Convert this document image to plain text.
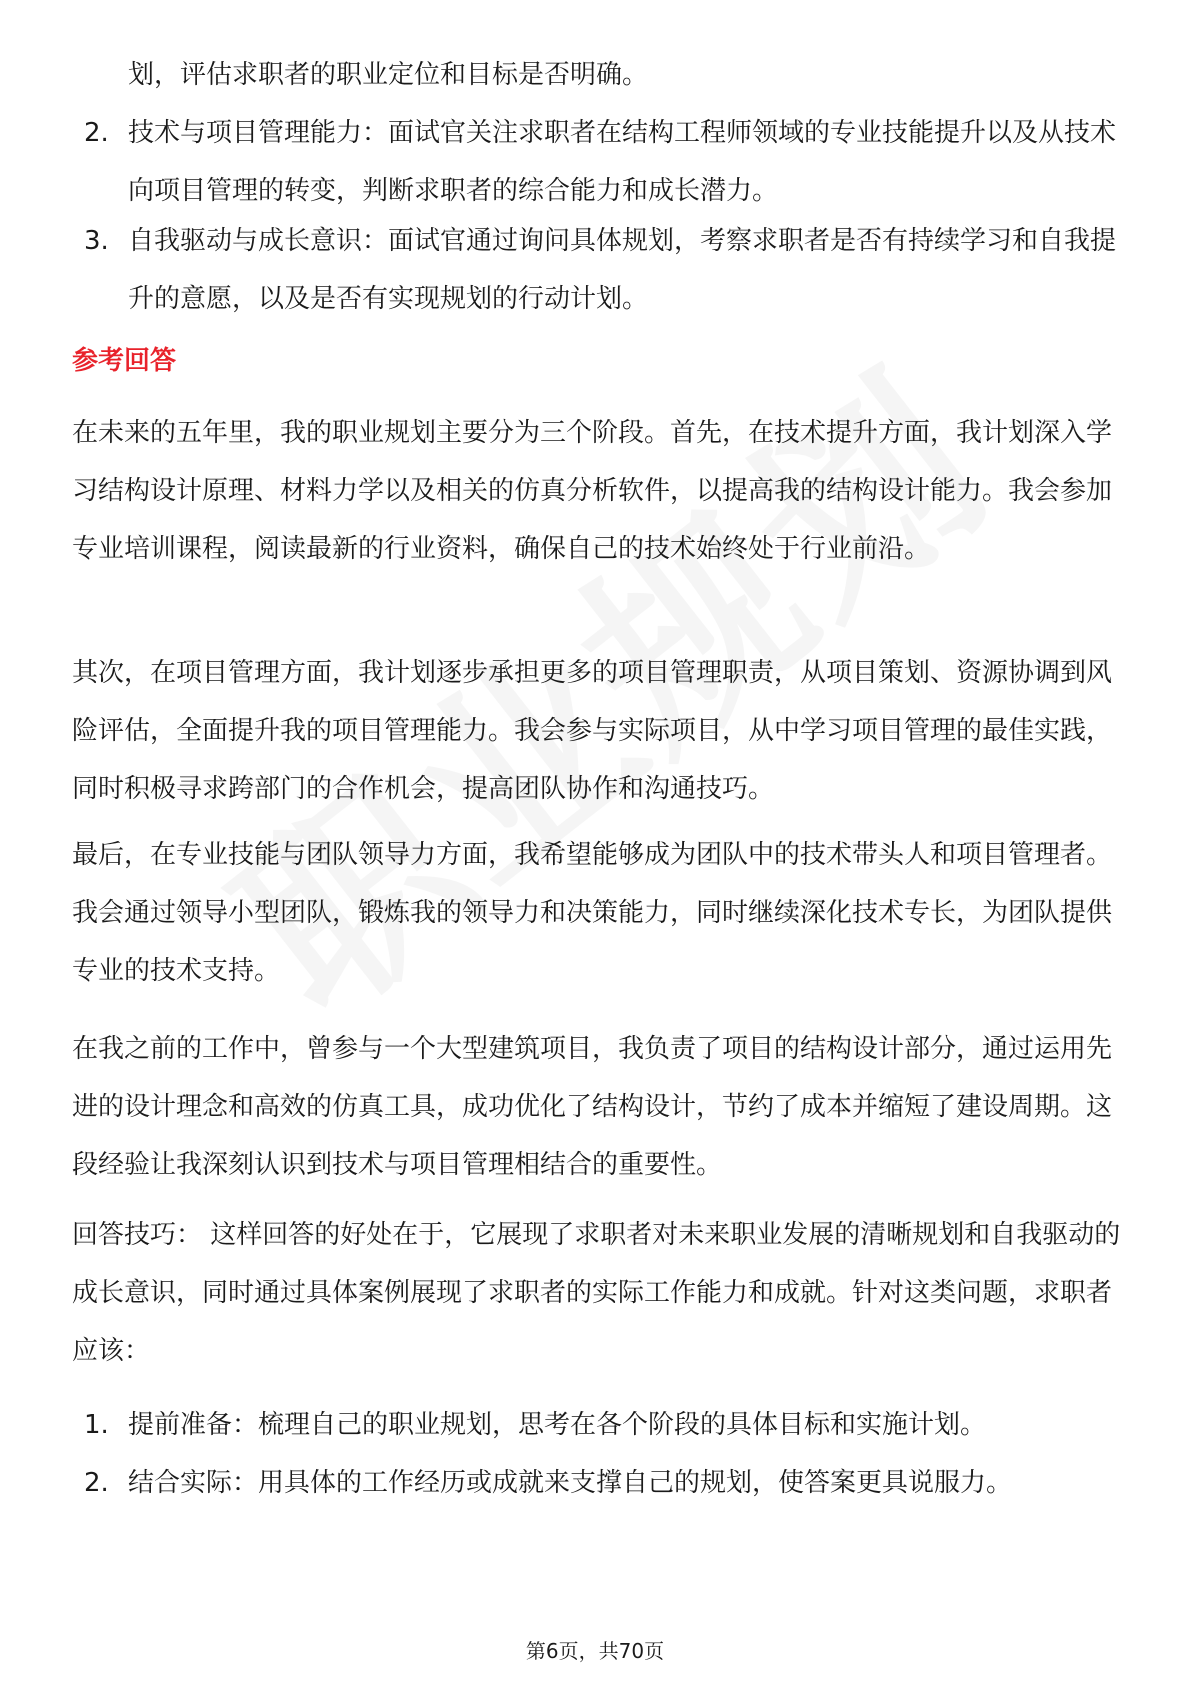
划，评估求职者的职业定位和目标是否明确。

2. 技术与项目管理能力：面试官关注求职者在结构工程师领域的专业技能提升以及从技术向项目管理的转变，判断求职者的综合能力和成长潜力。
3. 自我驱动与成长意识：面试官通过询问具体规划，考察求职者是否有持续学习和自我提升的意愿，以及是否有实现规划的行动计划。
参考回答

在未来的五年里，我的职业规划主要分为三个阶段。首先，在技术提升方面，我计划深入学习结构设计原理、材料力学以及相关的仿真分析软件，以提高我的结构设计能力。我会参加专业培训课程，阅读最新的行业资料，确保自己的技术始终处于行业前沿。

其次，在项目管理方面，我计划逐步承担更多的项目管理职责，从项目策划、资源协调到风险评估，全面提升我的项目管理能力。我会参与实际项目，从中学习项目管理的最佳实践，同时积极寻求跨部门的合作机会，提高团队协作和沟通技巧。

最后，在专业技能与团队领导力方面，我希望能够成为团队中的技术带头人和项目管理者。我会通过领导小型团队，锻炼我的领导力和决策能力，同时继续深化技术专长，为团队提供专业的技术支持。

在我之前的工作中，曾参与一个大型建筑项目，我负责了项目的结构设计部分，通过运用先进的设计理念和高效的仿真工具，成功优化了结构设计，节约了成本并缩短了建设周期。这段经验让我深刻认识到技术与项目管理相结合的重要性。

回答技巧： 这样回答的好处在于，它展现了求职者对未来职业发展的清晰规划和自我驱动的成长意识，同时通过具体案例展现了求职者的实际工作能力和成就。针对这类问题，求职者应该：

1. 提前准备：梳理自己的职业规划，思考在各个阶段的具体目标和实施计划。
2. 结合实际：用具体的工作经历或成就来支撑自己的规划，使答案更具说服力。
第6页，共70页
